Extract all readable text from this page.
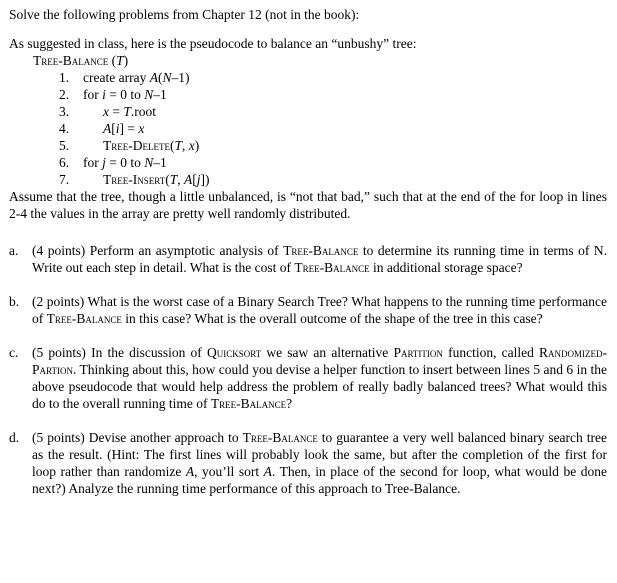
Solve the following problems from Chapter 12 (not in the book):

As suggested in class, here is the pseudocode to balance an “unbushy” tree:

Tree-Balance (T)
1.	create array A(N–1)
2.	for i = 0 to N–1
3.	x = T.root
4.	A[i] = x
5.	Tree-Delete(T, x)
6.	for j = 0 to N–1
7.	Tree-Insert(T, A[j])

Assume that the tree, though a little unbalanced, is “not that bad,” such that at the end of the for loop in lines 2-4 the values in the array are pretty well randomly distributed.

a.	(4 points) Perform an asymptotic analysis of Tree-Balance to determine its running time in terms of N. Write out each step in detail. What is the cost of Tree-Balance in additional storage space?
b. (2 points) What is the worst case of a Binary Search Tree? What happens to the running time performance of Tree-Balance in this case? What is the overall outcome of the shape of the tree in this case?
c.	(5 points) In the discussion of Quicksort we saw an alternative Partition function, called Randomized-Partion. Thinking about this, how could you devise a helper function to insert between lines 5 and 6 in the above pseudocode that would help address the problem of really badly balanced trees? What would this do to the overall running time of Tree-Balance?
d. (5 points) Devise another approach to Tree-Balance to guarantee a very well balanced binary search tree as the result. (Hint: The first lines will probably look the same, but after the completion of the first for loop rather than randomize A, you’ll sort A. Then, in place of the second for loop, what would be done next?) Analyze the running time performance of this approach to Tree-Balance.
